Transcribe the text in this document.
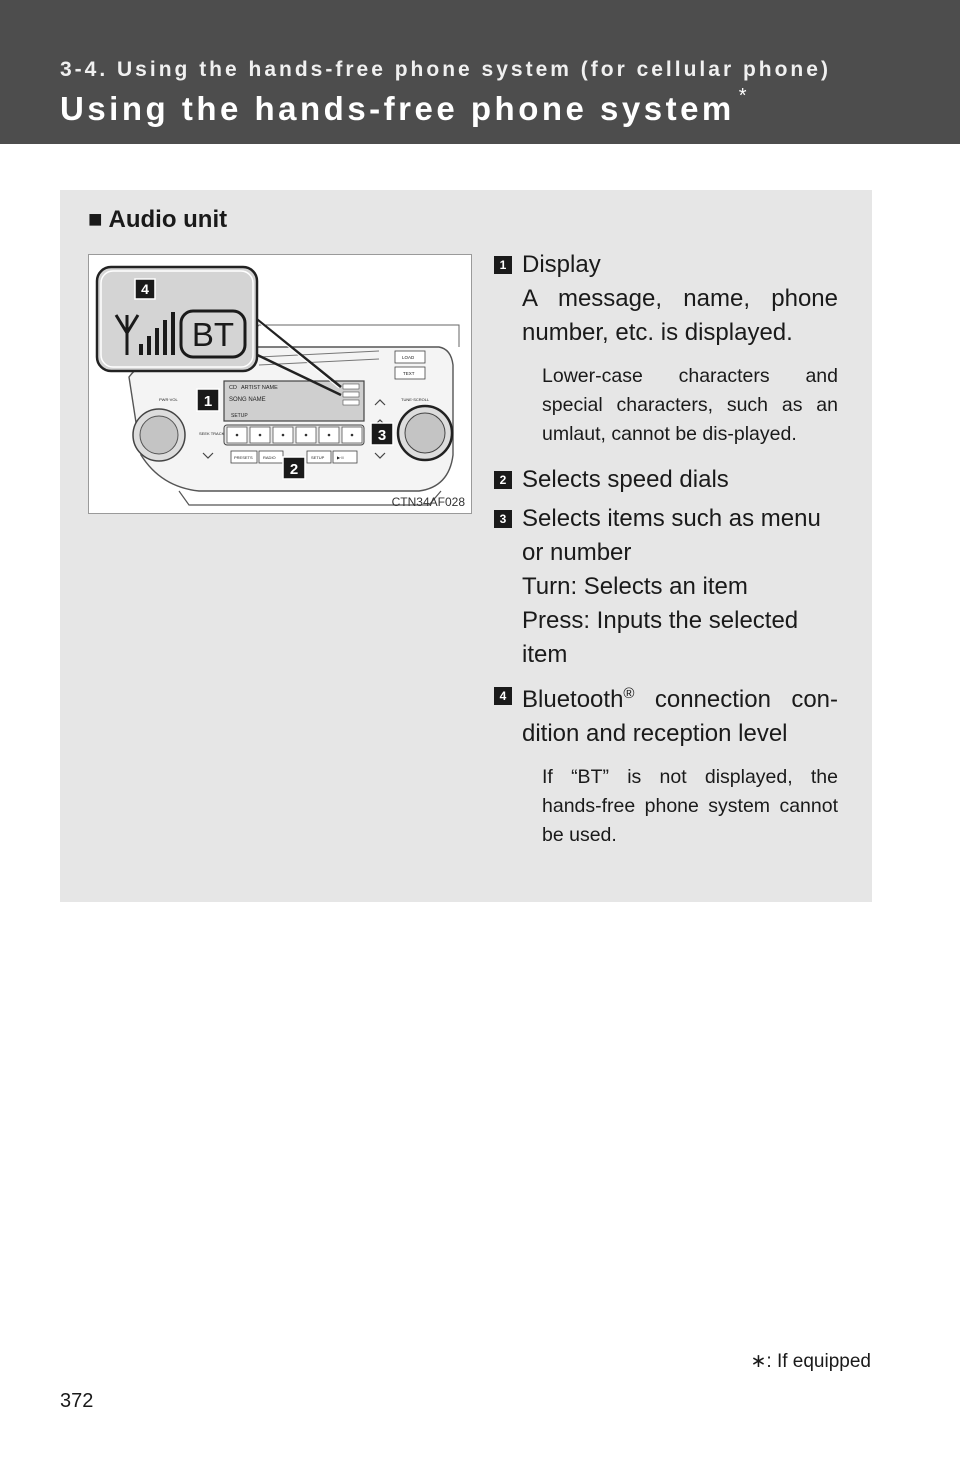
3-4. Using the hands-free phone system (for cellular phone)
Using the hands-free phone system *
■ Audio unit
CD ARTIST NAME
SONG NAME
SETUP
PRESETS	RADIO	SETUP	▶·II
LOAD
TEXT
PWR·VOL
SEEK TRACK
TUNE·SCROLL
BT
4
1
2
3
CTN34AF028
1 Display
A message, name, phone number, etc. is displayed.
Lower-case characters and special characters, such as an umlaut, cannot be dis-played.
2 Selects speed dials
3 Selects items such as menu or number
Turn: Selects an item
Press: Inputs the selected item
4 Bluetooth® connection con-dition and reception level
If “BT” is not displayed, the hands-free phone system cannot be used.
∗: If equipped
372
